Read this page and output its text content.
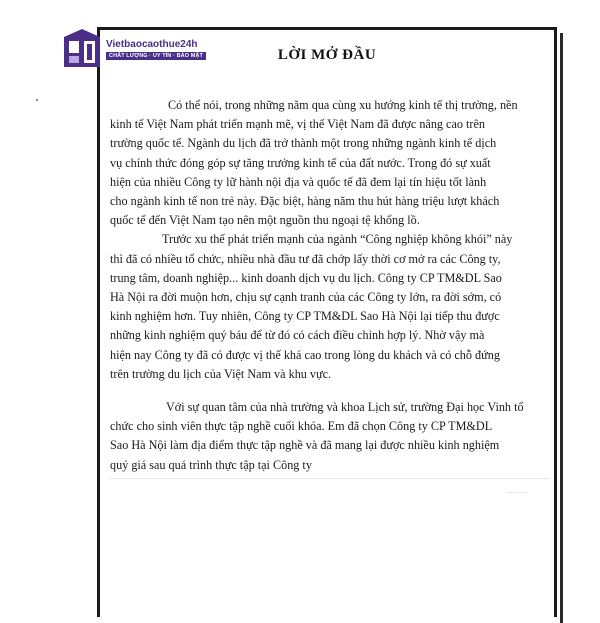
Vietbaocaothue24h
CHẤT LƯỢNG · UY TÍN · BẢO MẬT	LỜI MỞ ĐẦU

Có thể nói, trong những năm qua cùng xu hướng kinh tế thị trường, nền
kinh tế Việt Nam phát triển mạnh mẽ, vị thế Việt Nam đã được nâng cao trên
trường quốc tế. Ngành du lịch đã trở thành một trong những ngành kinh tế dịch
vụ chính thức đóng góp sự tăng trưởng kinh tế của đất nước. Trong đó sự xuất
hiện của nhiều Công ty lữ hành nội địa và quốc tế đã đem lại tín hiệu tốt lành
cho ngành kinh tế non trẻ này. Đặc biệt, hàng năm thu hút hàng triệu lượt khách
quốc tế đến Việt Nam tạo nên một nguồn thu ngoại tệ khổng lồ.

Trước xu thế phát triển mạnh của ngành “Công nghiệp không khói” này
thì đã có nhiều tổ chức, nhiều nhà đầu tư đã chớp lấy thời cơ mở ra các Công ty,
trung tâm, doanh nghiệp... kinh doanh dịch vụ du lịch. Công ty CP TM&DL Sao
Hà Nội ra đời muộn hơn, chịu sự cạnh tranh của các Công ty lớn, ra đời sớm, có
kinh nghiệm hơn. Tuy nhiên, Công ty CP TM&DL Sao Hà Nội lại tiếp thu được
những kinh nghiệm quý báu để từ đó có cách điều chỉnh hợp lý. Nhờ vậy mà
hiện nay Công ty đã có được vị thế khá cao trong lòng du khách và có chỗ đứng
trên trường du lịch của Việt Nam và khu vực.

Với sự quan tâm của nhà trường và khoa Lịch sử, trường Đại học Vinh tổ
chức cho sinh viên thực tập nghề cuối khóa. Em đã chọn Công ty CP TM&DL
Sao Hà Nội làm địa điểm thực tập nghề và đã mang lại được nhiều kinh nghiệm
quý giá sau quá trình thực tập tại Công ty
